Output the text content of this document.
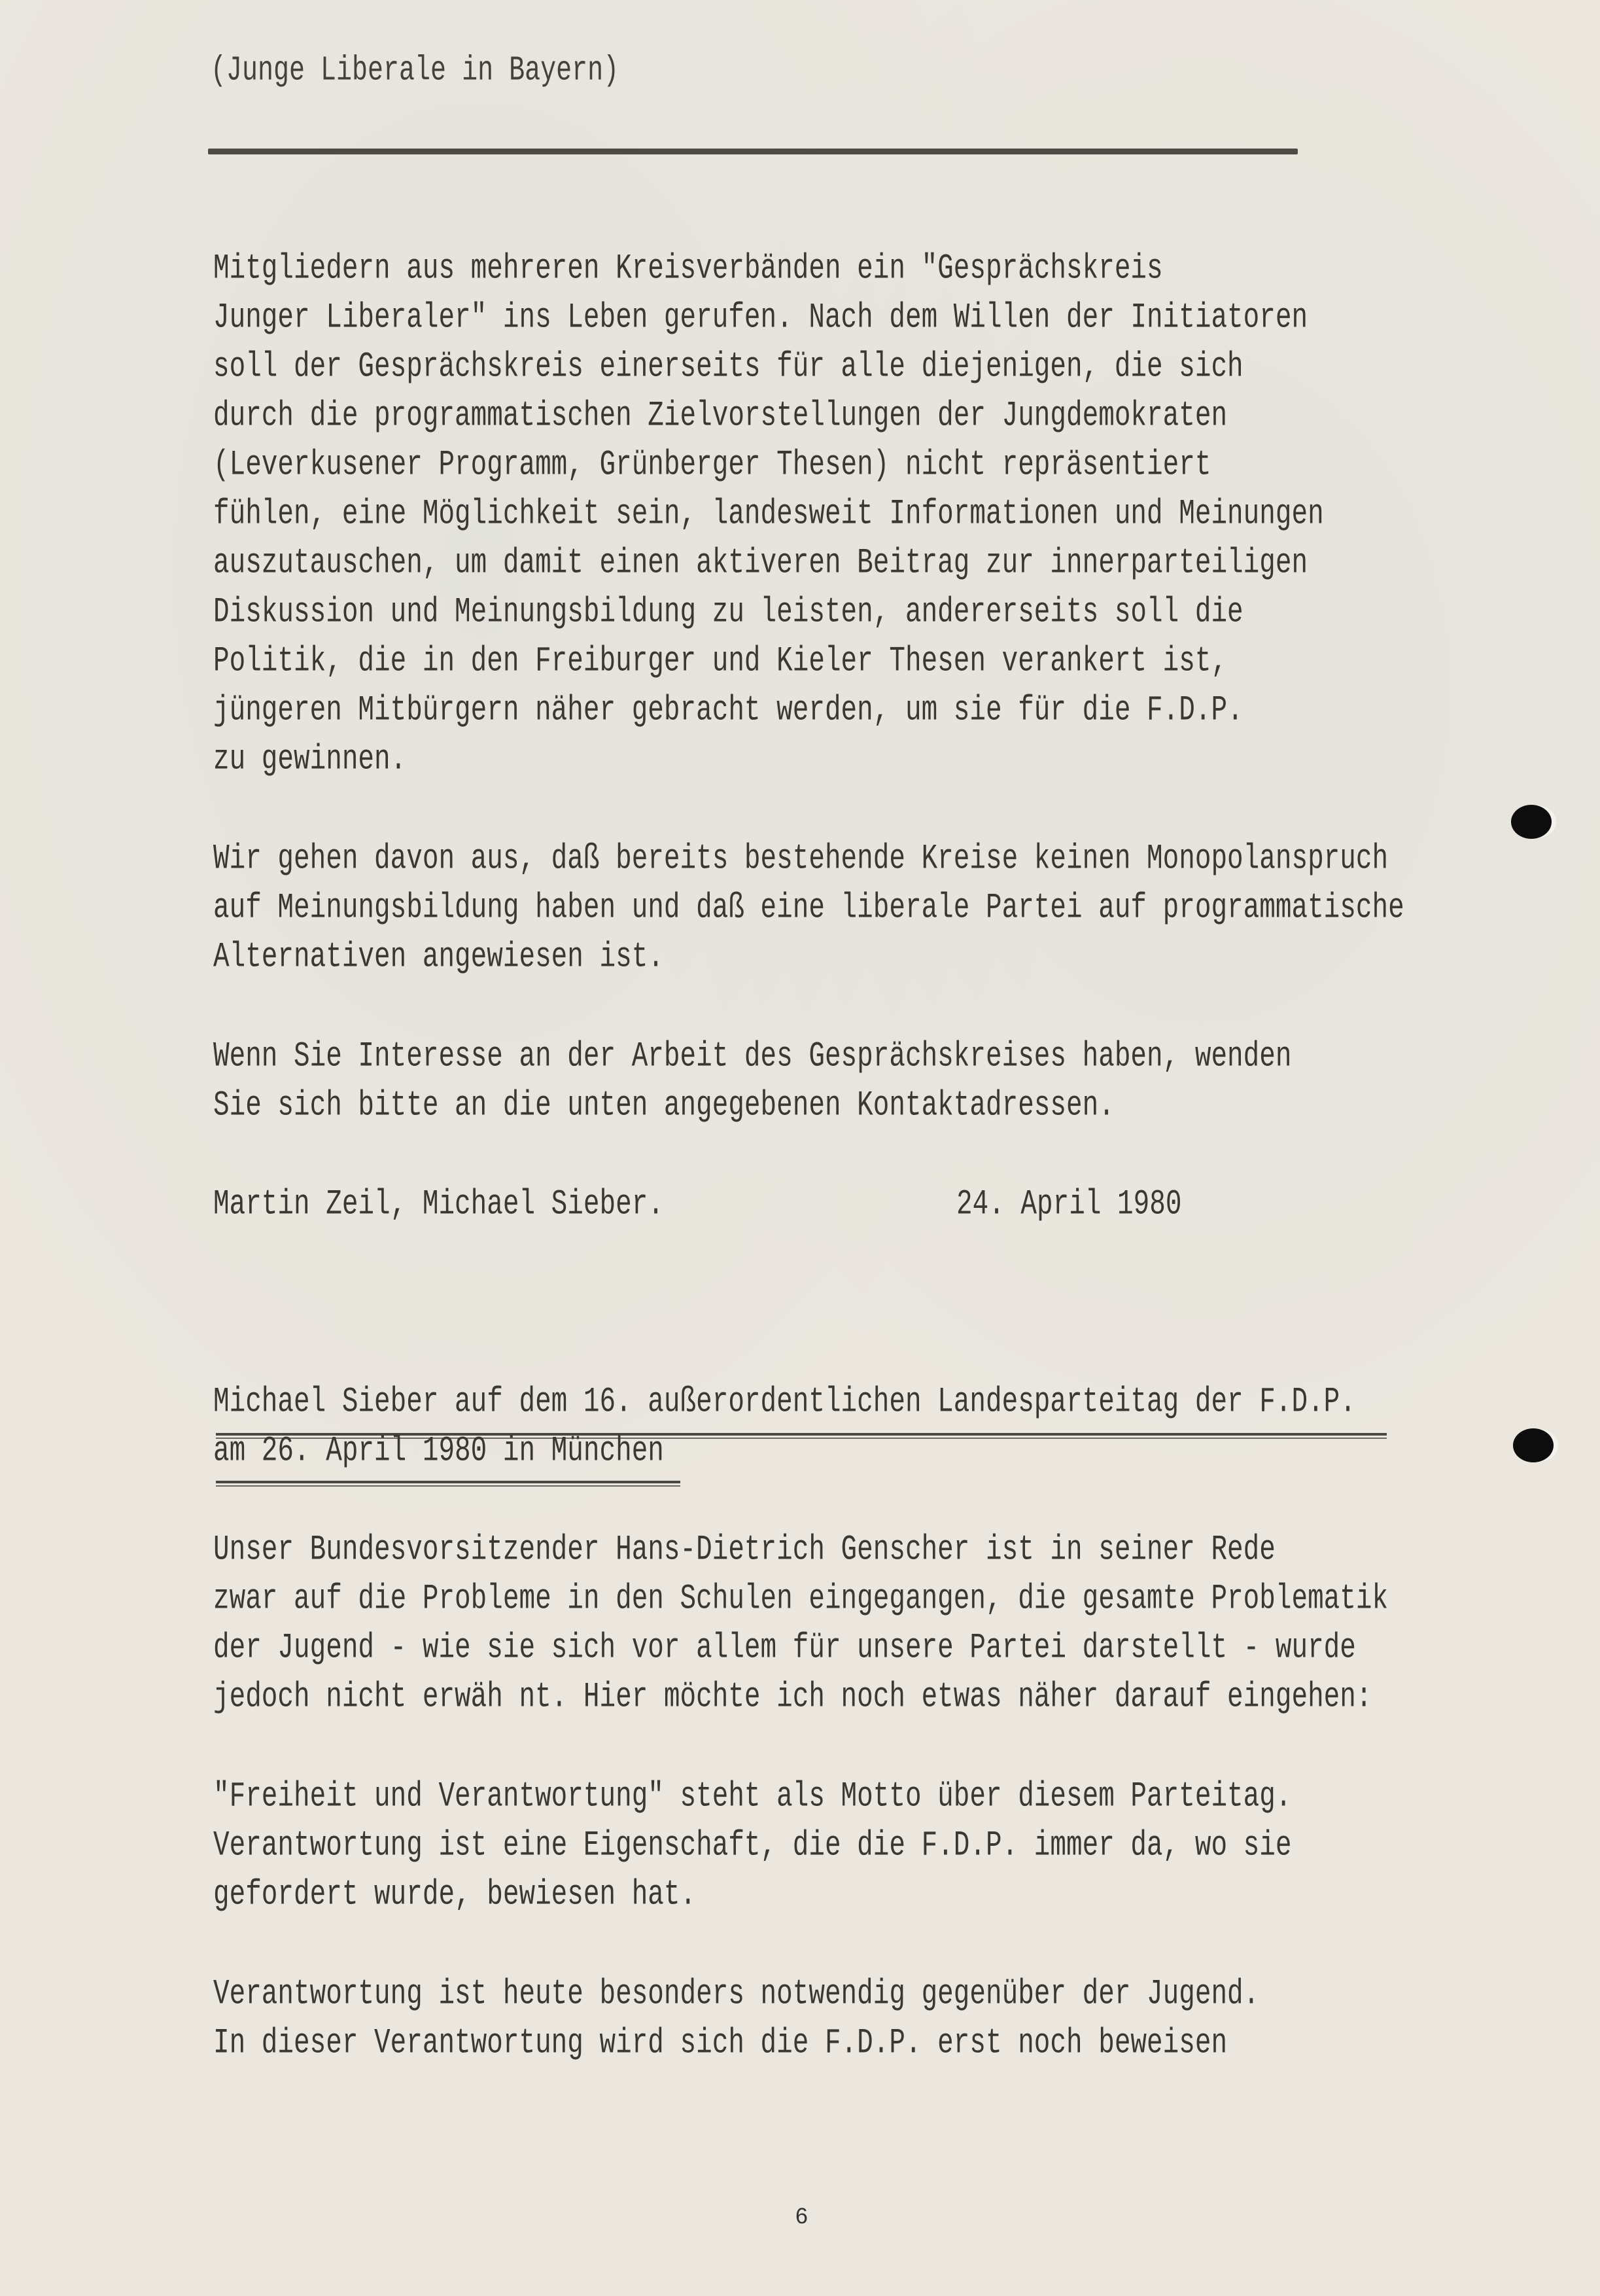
(Junge Liberale in Bayern)
Mitgliedern aus mehreren Kreisverbänden ein "Gesprächskreis
Junger Liberaler" ins Leben gerufen. Nach dem Willen der Initiatoren
soll der Gesprächskreis einerseits für alle diejenigen, die sich
durch die programmatischen Zielvorstellungen der Jungdemokraten
(Leverkusener Programm, Grünberger Thesen) nicht repräsentiert
fühlen, eine Möglichkeit sein, landesweit Informationen und Meinungen
auszutauschen, um damit einen aktiveren Beitrag zur innerparteiligen
Diskussion und Meinungsbildung zu leisten, andererseits soll die
Politik, die in den Freiburger und Kieler Thesen verankert ist,
jüngeren Mitbürgern näher gebracht werden, um sie für die F.D.P.
zu gewinnen.
Wir gehen davon aus, daß bereits bestehende Kreise keinen Monopolanspruch
auf Meinungsbildung haben und daß eine liberale Partei auf programmatische
Alternativen angewiesen ist.
Wenn Sie Interesse an der Arbeit des Gesprächskreises haben, wenden
Sie sich bitte an die unten angegebenen Kontaktadressen.
Martin Zeil, Michael Sieber.	24. April 1980
Michael Sieber auf dem 16. außerordentlichen Landesparteitag der F.D.P.
am 26. April 1980 in München
Unser Bundesvorsitzender Hans-Dietrich Genscher ist in seiner Rede
zwar auf die Probleme in den Schulen eingegangen, die gesamte Problematik
der Jugend - wie sie sich vor allem für unsere Partei darstellt - wurde
jedoch nicht erwäh nt. Hier möchte ich noch etwas näher darauf eingehen:
"Freiheit und Verantwortung" steht als Motto über diesem Parteitag.
Verantwortung ist eine Eigenschaft, die die F.D.P. immer da, wo sie
gefordert wurde, bewiesen hat.
Verantwortung ist heute besonders notwendig gegenüber der Jugend.
In dieser Verantwortung wird sich die F.D.P. erst noch beweisen
6
